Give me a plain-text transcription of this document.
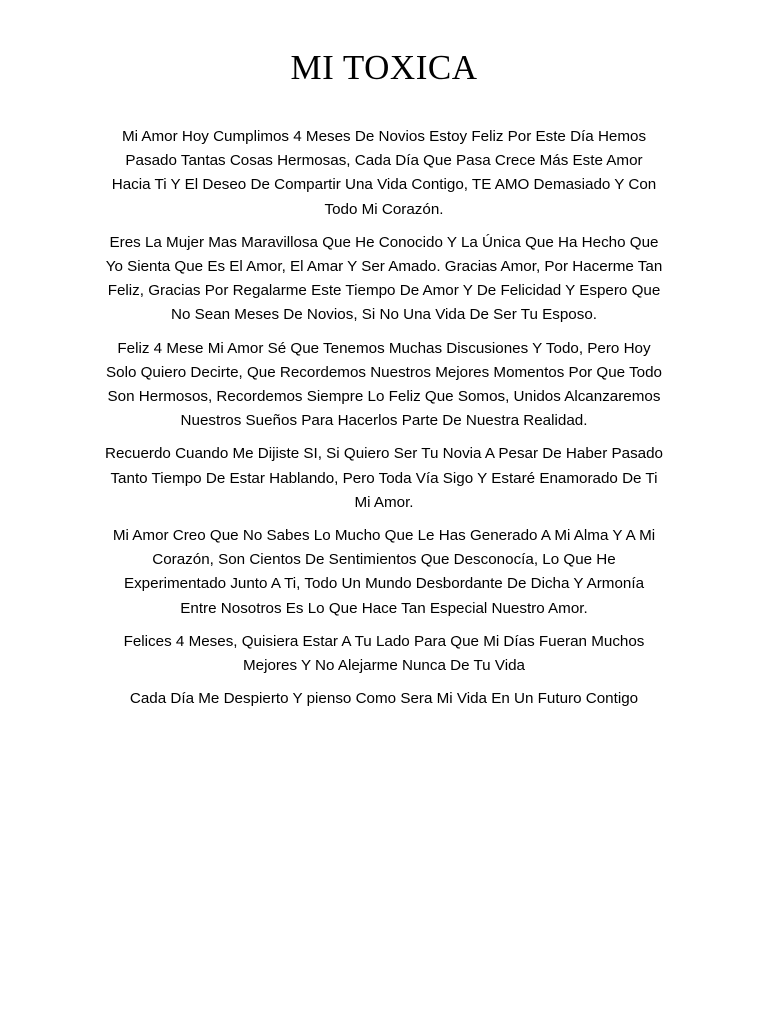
MI TOXICA

Mi Amor Hoy Cumplimos 4 Meses De Novios Estoy Feliz Por Este Día Hemos Pasado Tantas Cosas Hermosas, Cada Día Que Pasa Crece Más Este Amor Hacia Ti Y El Deseo De Compartir Una Vida Contigo, TE AMO Demasiado Y Con Todo Mi Corazón.

Eres La Mujer Mas Maravillosa Que He Conocido Y La Única Que Ha Hecho Que Yo Sienta Que Es El Amor, El Amar Y Ser Amado. Gracias Amor, Por Hacerme Tan Feliz, Gracias Por Regalarme Este Tiempo De Amor Y De Felicidad Y Espero Que No Sean Meses De Novios, Si No Una Vida De Ser Tu Esposo.

Feliz 4 Mese Mi Amor Sé Que Tenemos Muchas Discusiones Y Todo, Pero Hoy Solo Quiero Decirte, Que Recordemos Nuestros Mejores Momentos Por Que Todo Son Hermosos, Recordemos Siempre Lo Feliz Que Somos, Unidos Alcanzaremos Nuestros Sueños Para Hacerlos Parte De Nuestra Realidad.

Recuerdo Cuando Me Dijiste SI, Si Quiero Ser Tu Novia A Pesar De Haber Pasado Tanto Tiempo De Estar Hablando, Pero Toda Vía Sigo Y Estaré Enamorado De Ti Mi Amor.

Mi Amor Creo Que No Sabes Lo Mucho Que Le Has Generado A Mi Alma Y A Mi Corazón, Son Cientos De Sentimientos Que Desconocía, Lo Que He Experimentado Junto A Ti, Todo Un Mundo Desbordante De Dicha Y Armonía Entre Nosotros Es Lo Que Hace Tan Especial Nuestro Amor.

Felices 4 Meses, Quisiera Estar A Tu Lado Para Que Mi Días Fueran Muchos Mejores Y No Alejarme Nunca De Tu Vida

Cada Día Me Despierto Y pienso Como Sera Mi Vida En Un Futuro Contigo
